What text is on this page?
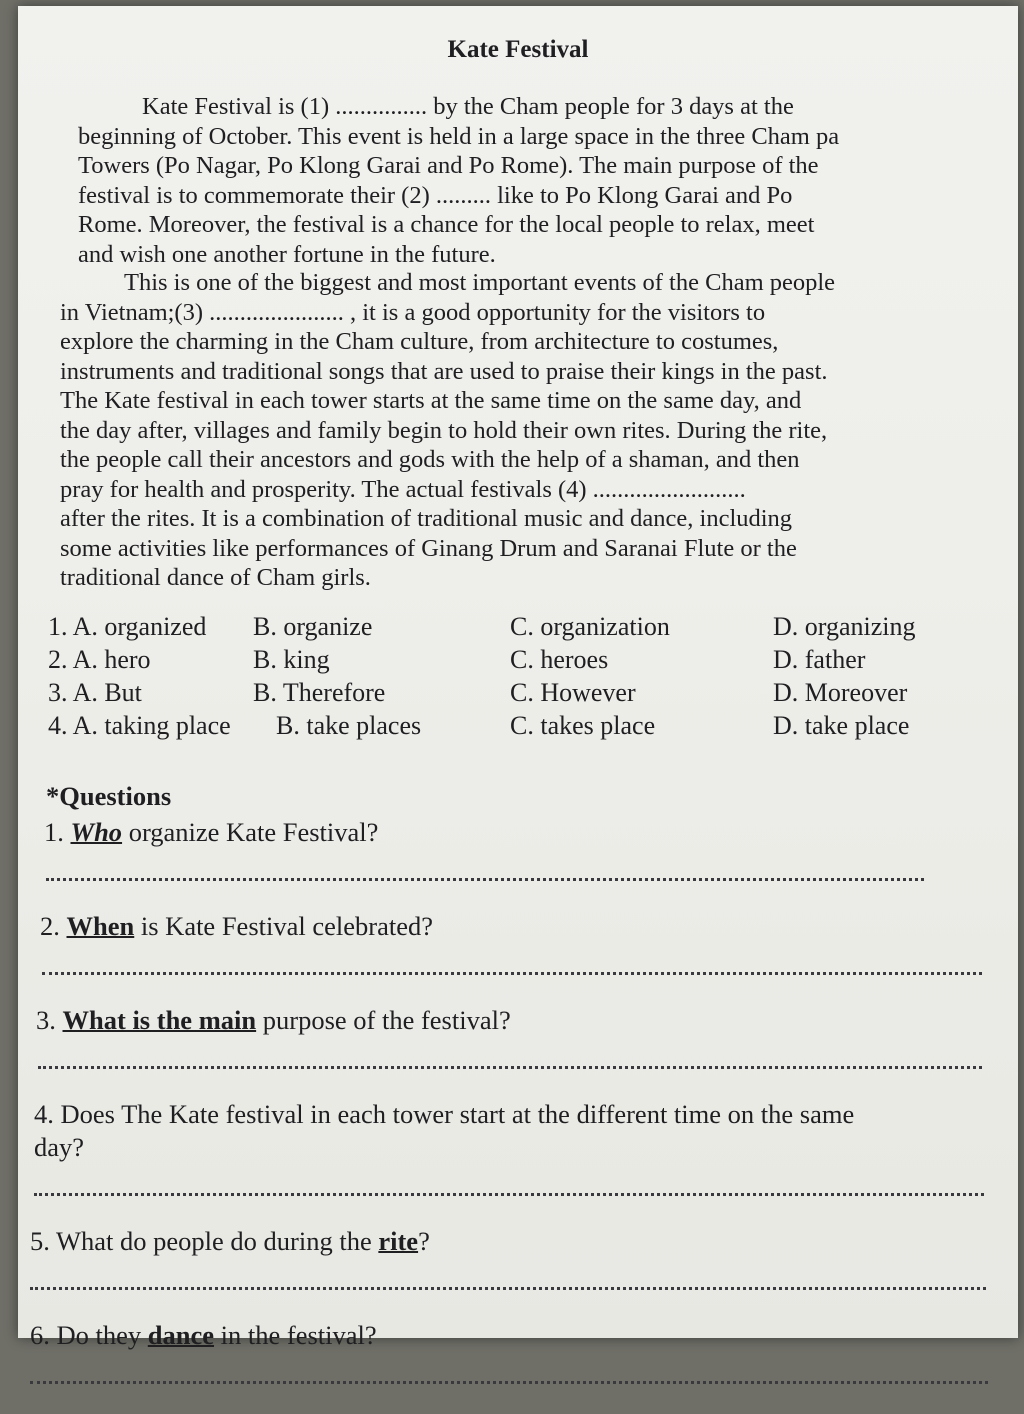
Kate Festival

Kate Festival is (1) ............... by the Cham people for 3 days at the

beginning of October. This event is held in a large space in the three Cham pa

Towers (Po Nagar, Po Klong Garai and Po Rome). The main purpose of the

festival is to commemorate their (2) ......... like to Po Klong Garai and Po

Rome. Moreover, the festival is a chance for the local people to relax, meet

and wish one another fortune in the future.

This is one of the biggest and most important events of the Cham people

in Vietnam;(3) ...................... , it is a good opportunity for the visitors to

explore the charming in the Cham culture, from architecture to costumes,

instruments and traditional songs that are used to praise their kings in the past.

The Kate festival in each tower starts at the same time on the same day, and

the day after, villages and family begin to hold their own rites. During the rite,

the people call their ancestors and gods with the help of a shaman, and then

pray for health and prosperity. The actual festivals (4) .........................

after the rites. It is a combination of traditional music and dance, including

some activities like performances of Ginang Drum and Saranai Flute or the

traditional dance of Cham girls.

1. A. organized B. organize	C. organization	D. organizing
2. A. hero	B. king	C. heroes	D. father
3. A. But	B. Therefore	C. However	D. Moreover
4. A. taking place B. take places	C. takes place	D. take place
*Questions
1. Who organize Kate Festival?
2. When is Kate Festival celebrated?
3. What is the main purpose of the festival?
4. Does The Kate festival in each tower start at the different time on the same
day?
5. What do people do during the rite?
6. Do they dance in the festival?
